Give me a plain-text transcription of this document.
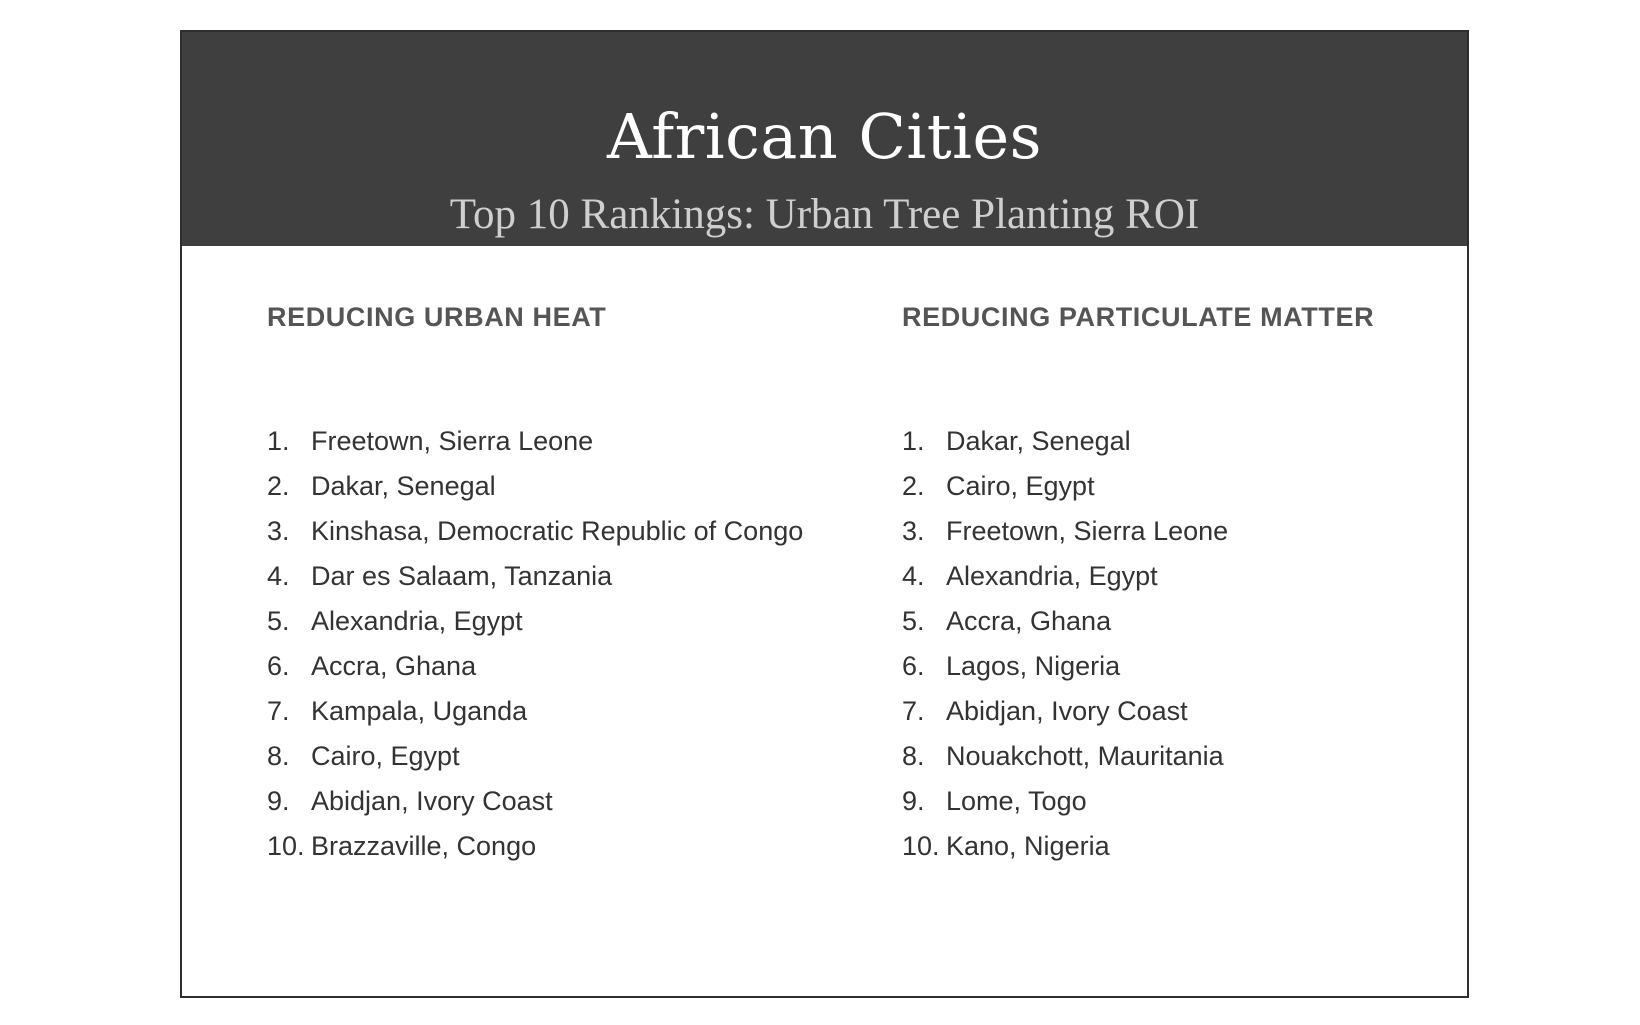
African Cities
Top 10 Rankings: Urban Tree Planting ROI
REDUCING URBAN HEAT
1. Freetown, Sierra Leone
2. Dakar, Senegal
3. Kinshasa, Democratic Republic of Congo
4. Dar es Salaam, Tanzania
5. Alexandria, Egypt
6. Accra, Ghana
7. Kampala, Uganda
8. Cairo, Egypt
9. Abidjan, Ivory Coast
10. Brazzaville, Congo
REDUCING PARTICULATE MATTER
1. Dakar, Senegal
2. Cairo, Egypt
3. Freetown, Sierra Leone
4. Alexandria, Egypt
5. Accra, Ghana
6. Lagos, Nigeria
7. Abidjan, Ivory Coast
8. Nouakchott, Mauritania
9. Lome, Togo
10. Kano, Nigeria
